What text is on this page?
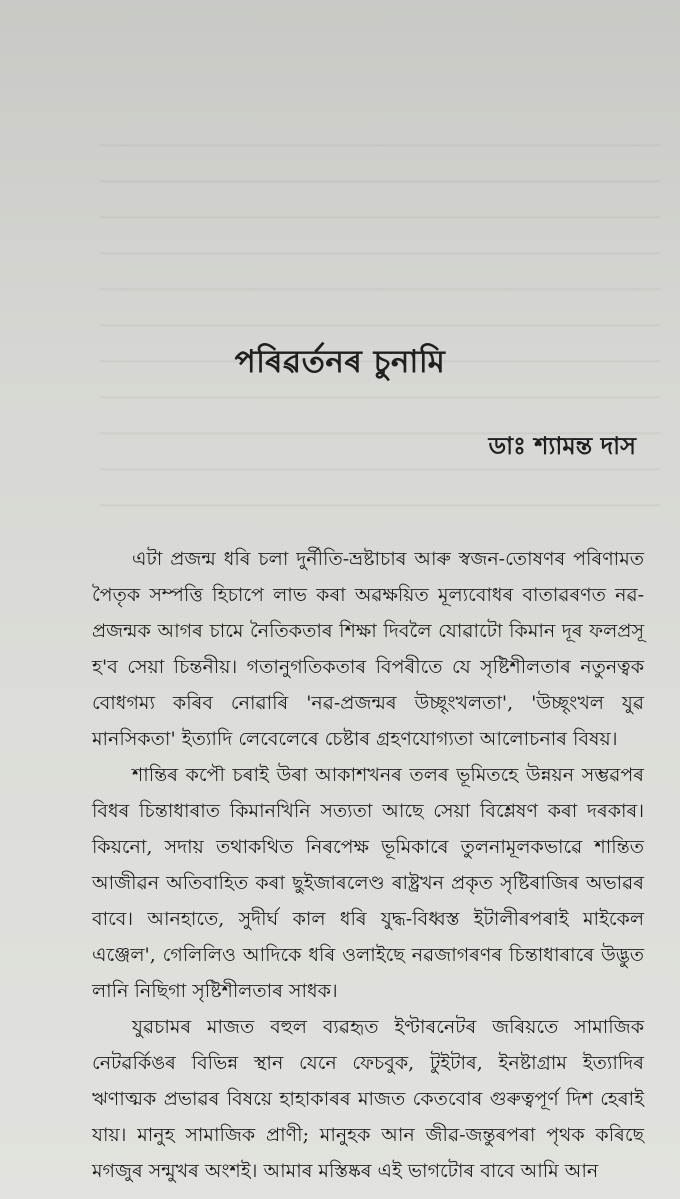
পৰিৱৰ্তনৰ চুনামি
ডাঃ শ্যামন্ত দাস

এটা প্ৰজন্ম ধৰি চলা দুৰ্নীতি-ভ্ৰষ্টাচাৰ আৰু স্বজন-তোষণৰ পৰিণামত পৈতৃক সম্পত্তি হিচাপে লাভ কৰা অৱক্ষয়িত মূল্যবোধৰ বাতাৱৰণত নৱ-প্ৰজন্মক আগৰ চামে নৈতিকতাৰ শিক্ষা দিবলৈ যোৱাটো কিমান দূৰ ফলপ্ৰসূ হ'ব সেয়া চিন্তনীয়। গতানুগতিকতাৰ বিপৰীতে যে সৃষ্টিশীলতাৰ নতুনত্বক বোধগম্য কৰিব নোৱাৰি 'নৱ-প্ৰজন্মৰ উচ্ছৃংখলতা', 'উচ্ছৃংখল যুৱ মানসিকতা' ইত্যাদি লেবেলেৰে চেষ্টাৰ গ্ৰহণযোগ্যতা আলোচনাৰ বিষয়।

শান্তিৰ কপৌ চৰাই উৰা আকাশখনৰ তলৰ ভূমিতহে উন্নয়ন সম্ভৱপৰ বিধৰ চিন্তাধাৰাত কিমানখিনি সত্যতা আছে সেয়া বিশ্লেষণ কৰা দৰকাৰ। কিয়নো, সদায় তথাকথিত নিৰপেক্ষ ভূমিকাৰে তুলনামূলকভাৱে শান্তিত আজীৱন অতিবাহিত কৰা ছুইজাৰলেণ্ড ৰাষ্ট্ৰখন প্ৰকৃত সৃষ্টিৰাজিৰ অভাৱৰ বাবে। আনহাতে, সুদীৰ্ঘ কাল ধৰি যুদ্ধ-বিধ্বস্ত ইটালীৰপৰাই মাইকেল এঞ্জেল', গেলিলিও আদিকে ধৰি ওলাইছে নৱজাগৰণৰ চিন্তাধাৰাৰে উদ্ভুত লানি নিছিগা সৃষ্টিশীলতাৰ সাধক।

যুৱচামৰ মাজত বহুল ব্যৱহৃত ইণ্টাৰনেটৰ জৰিয়তে সামাজিক নেটৱৰ্কিঙৰ বিভিন্ন স্থান যেনে ফেচবুক, টুইটাৰ, ইনষ্টাগ্ৰাম ইত্যাদিৰ ঋণাত্মক প্ৰভাৱৰ বিষয়ে হাহাকাৰৰ মাজত কেতবোৰ গুৰুত্বপূৰ্ণ দিশ হেৰাই যায়। মানুহ সামাজিক প্ৰাণী; মানুহক আন জীৱ-জন্তুৰপৰা পৃথক কৰিছে মগজুৰ সন্মুখৰ অংশই। আমাৰ মস্তিষ্কৰ এই ভাগটোৰ বাবে আমি আন
